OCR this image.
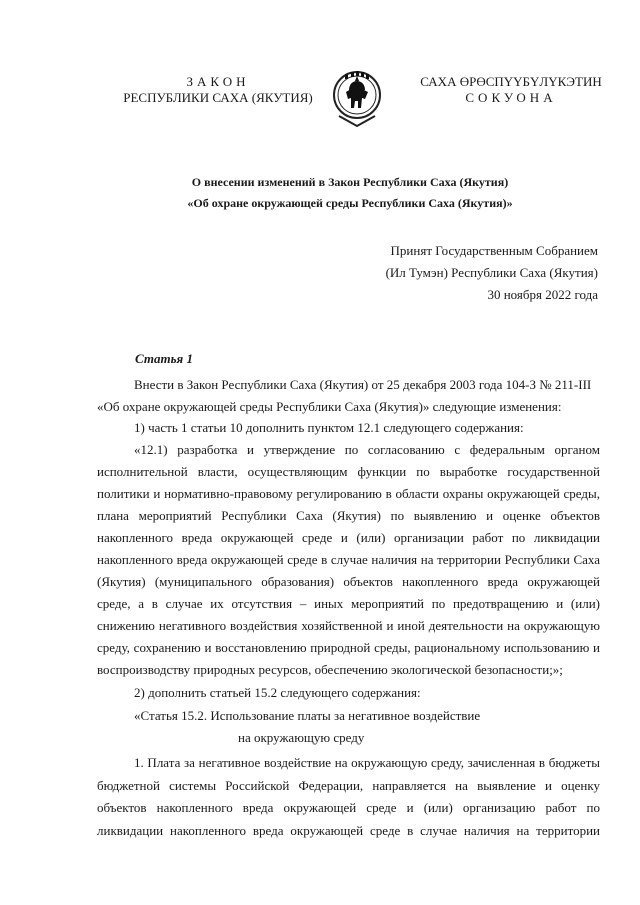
ЗАКОН
РЕСПУБЛИКИ САХА (ЯКУТИЯ)
САХА ӨРӨСПҮҮБҮЛҮКЭТИН
СОКУОНА
О внесении изменений в Закон Республики Саха (Якутия)
«Об охране окружающей среды Республики Саха (Якутия)»
Принят Государственным Собранием
(Ил Тумэн) Республики Саха (Якутия)
30 ноября 2022 года
Статья 1
Внести в Закон Республики Саха (Якутия) от 25 декабря 2003 года 104-З № 211-III
«Об охране окружающей среды Республики Саха (Якутия)» следующие изменения:
1) часть 1 статьи 10 дополнить пунктом 12.1 следующего содержания:
«12.1) разработка и утверждение по согласованию с федеральным органом
исполнительной власти, осуществляющим функции по выработке государственной
политики и нормативно-правовому регулированию в области охраны окружающей среды,
плана мероприятий Республики Саха (Якутия) по выявлению и оценке объектов
накопленного вреда окружающей среде и (или) организации работ по ликвидации
накопленного вреда окружающей среде в случае наличия на территории Республики Саха
(Якутия) (муниципального образования) объектов накопленного вреда окружающей
среде, а в случае их отсутствия – иных мероприятий по предотвращению и (или)
снижению негативного воздействия хозяйственной и иной деятельности на окружающую
среду, сохранению и восстановлению природной среды, рациональному использованию и
воспроизводству природных ресурсов, обеспечению экологической безопасности;»;
2) дополнить статьей 15.2 следующего содержания:
«Статья 15.2. Использование платы за негативное воздействие
на окружающую среду
1. Плата за негативное воздействие на окружающую среду, зачисленная в бюджеты
бюджетной системы Российской Федерации, направляется на выявление и оценку
объектов накопленного вреда окружающей среде и (или) организацию работ по
ликвидации накопленного вреда окружающей среде в случае наличия на территории
